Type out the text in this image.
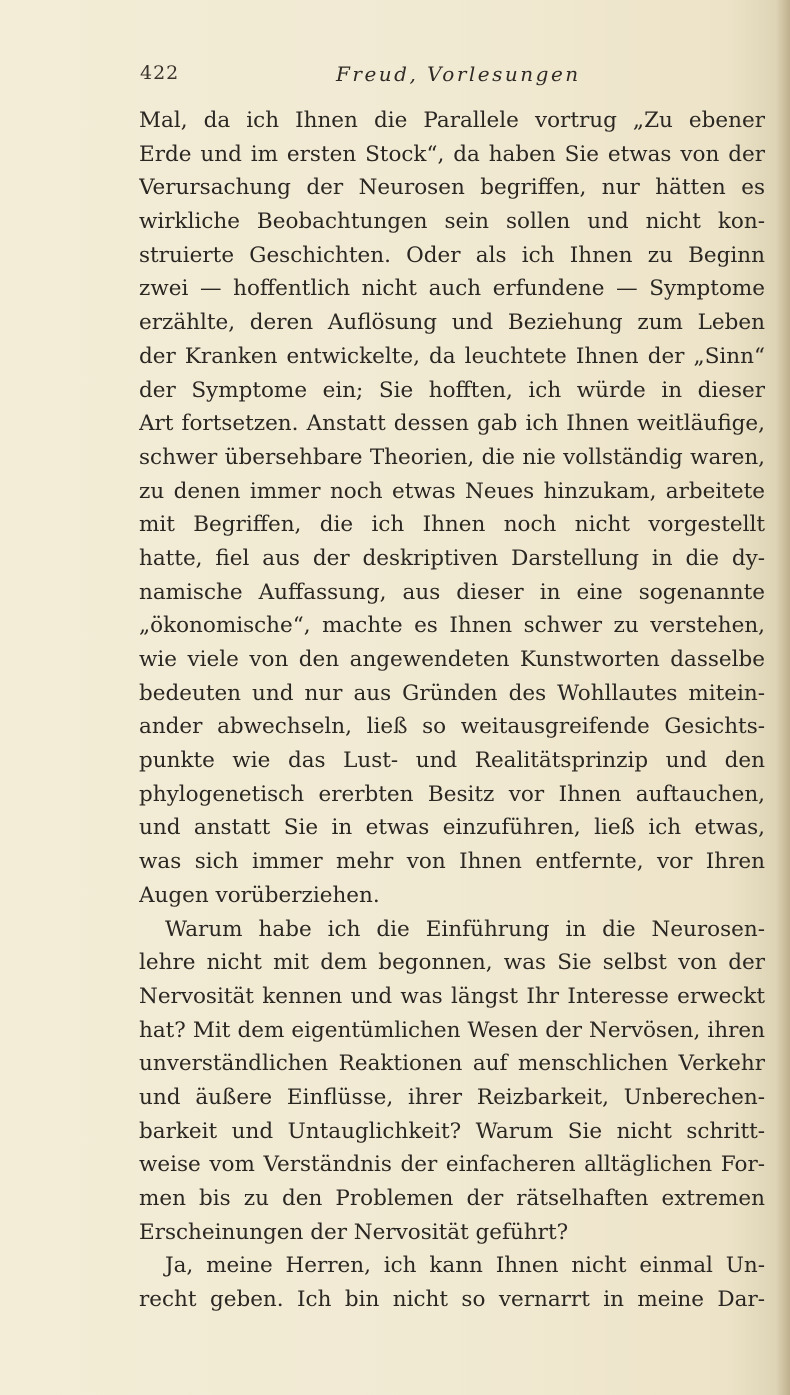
422	Freud, Vorlesungen
Mal, da ich Ihnen die Parallele vortrug „Zu ebener
Erde und im ersten Stock“, da haben Sie etwas von der
Verursachung der Neurosen begriffen, nur hätten es
wirkliche Beobachtungen sein sollen und nicht kon-
struierte Geschichten. Oder als ich Ihnen zu Beginn
zwei — hoffentlich nicht auch erfundene — Symptome
erzählte, deren Auflösung und Beziehung zum Leben
der Kranken entwickelte, da leuchtete Ihnen der „Sinn“
der Symptome ein; Sie hofften, ich würde in dieser
Art fortsetzen. Anstatt dessen gab ich Ihnen weitläufige,
schwer übersehbare Theorien, die nie vollständig waren,
zu denen immer noch etwas Neues hinzukam, arbeitete
mit Begriffen, die ich Ihnen noch nicht vorgestellt
hatte, fiel aus der deskriptiven Darstellung in die dy-
namische Auffassung, aus dieser in eine sogenannte
„ökonomische“, machte es Ihnen schwer zu verstehen,
wie viele von den angewendeten Kunstworten dasselbe
bedeuten und nur aus Gründen des Wohllautes mitein-
ander abwechseln, ließ so weitausgreifende Gesichts-
punkte wie das Lust- und Realitätsprinzip und den
phylogenetisch ererbten Besitz vor Ihnen auftauchen,
und anstatt Sie in etwas einzuführen, ließ ich etwas,
was sich immer mehr von Ihnen entfernte, vor Ihren
Augen vorüberziehen.
Warum habe ich die Einführung in die Neurosen-
lehre nicht mit dem begonnen, was Sie selbst von der
Nervosität kennen und was längst Ihr Interesse erweckt
hat? Mit dem eigentümlichen Wesen der Nervösen, ihren
unverständlichen Reaktionen auf menschlichen Verkehr
und äußere Einflüsse, ihrer Reizbarkeit, Unberechen-
barkeit und Untauglichkeit? Warum Sie nicht schritt-
weise vom Verständnis der einfacheren alltäglichen For-
men bis zu den Problemen der rätselhaften extremen
Erscheinungen der Nervosität geführt?
Ja, meine Herren, ich kann Ihnen nicht einmal Un-
recht geben. Ich bin nicht so vernarrt in meine Dar-
